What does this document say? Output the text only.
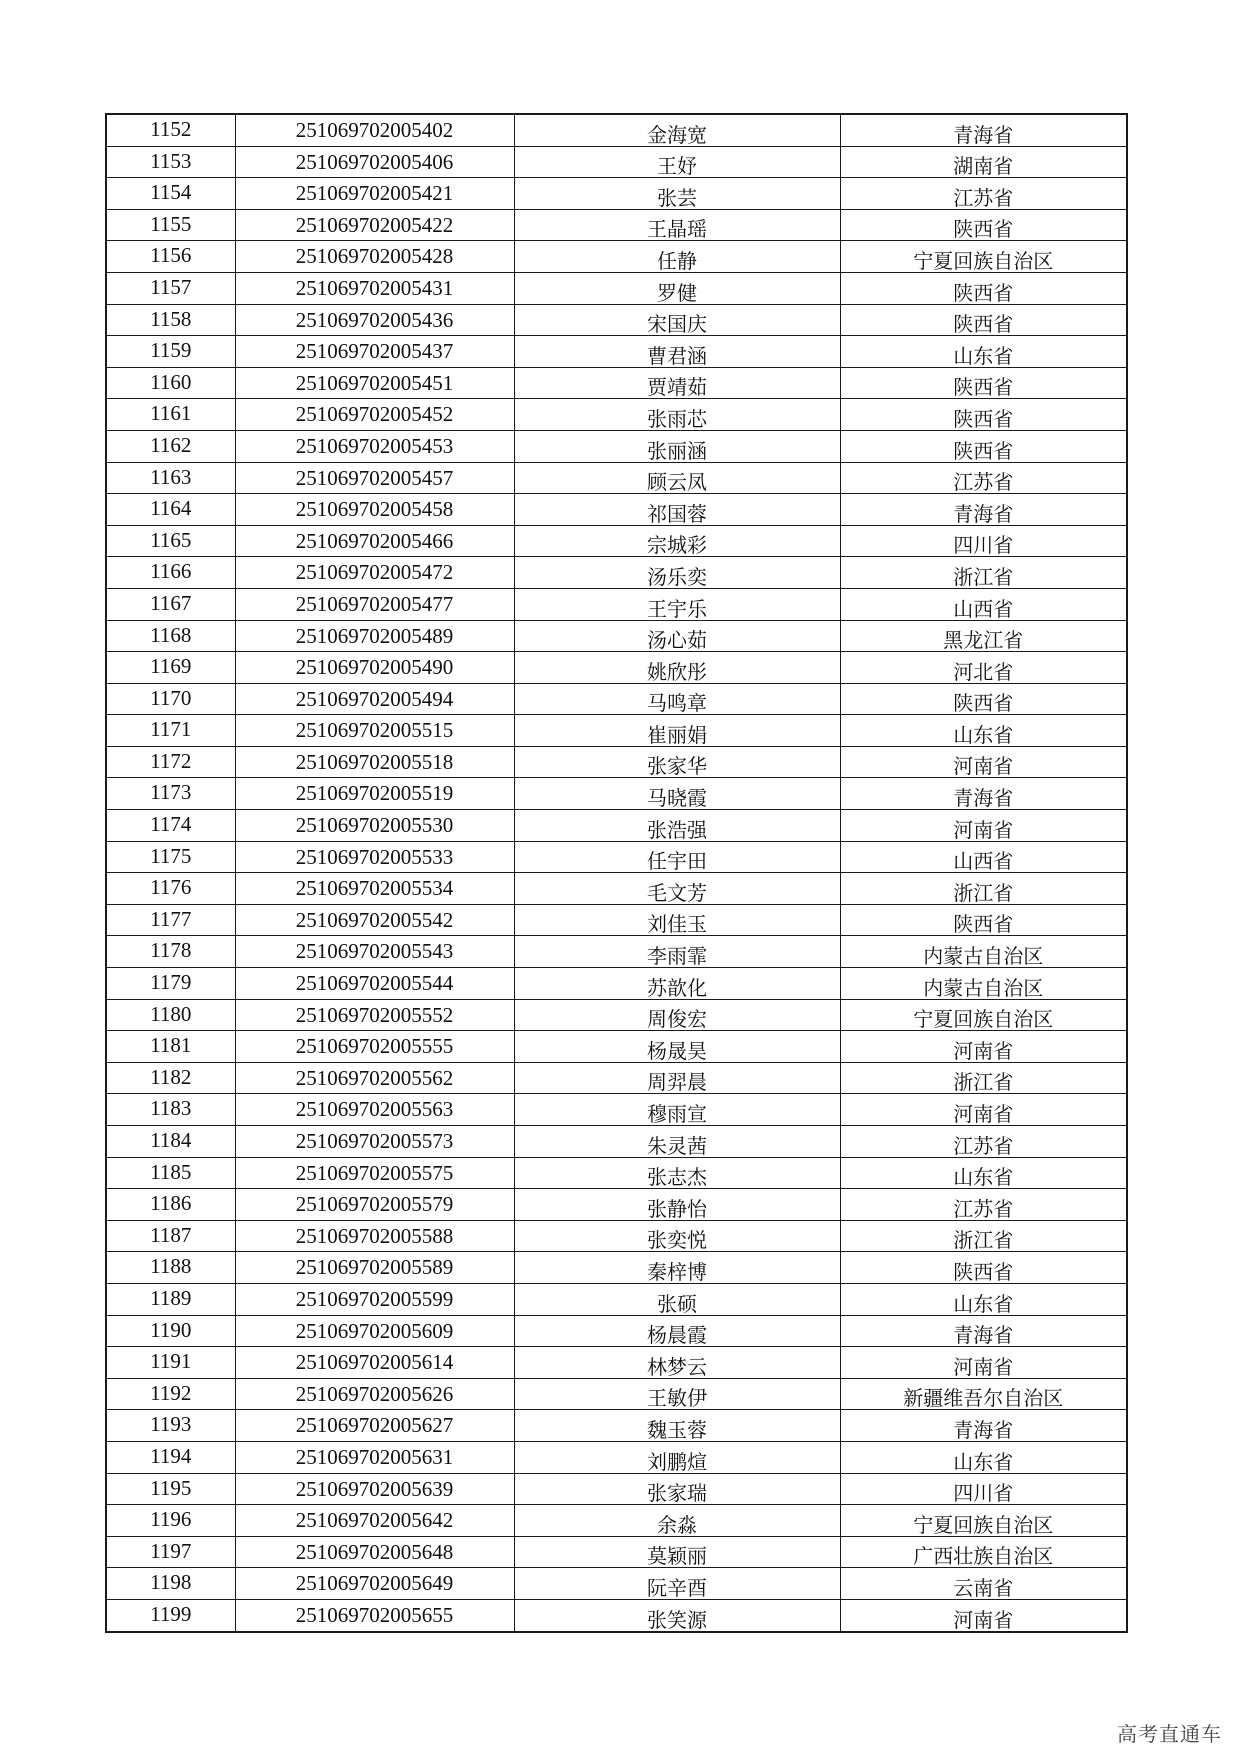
1152	251069702005402	金海宽	青海省
1153	251069702005406	王妤	湖南省
1154	251069702005421	张芸	江苏省
1155	251069702005422	王晶瑶	陕西省
1156	251069702005428	任静	宁夏回族自治区
1157	251069702005431	罗健	陕西省
1158	251069702005436	宋国庆	陕西省
1159	251069702005437	曹君涵	山东省
1160	251069702005451	贾靖茹	陕西省
1161	251069702005452	张雨芯	陕西省
1162	251069702005453	张丽涵	陕西省
1163	251069702005457	顾云凤	江苏省
1164	251069702005458	祁国蓉	青海省
1165	251069702005466	宗城彩	四川省
1166	251069702005472	汤乐奕	浙江省
1167	251069702005477	王宇乐	山西省
1168	251069702005489	汤心茹	黑龙江省
1169	251069702005490	姚欣彤	河北省
1170	251069702005494	马鸣章	陕西省
1171	251069702005515	崔丽娟	山东省
1172	251069702005518	张家华	河南省
1173	251069702005519	马晓霞	青海省
1174	251069702005530	张浩强	河南省
1175	251069702005533	任宇田	山西省
1176	251069702005534	毛文芳	浙江省
1177	251069702005542	刘佳玉	陕西省
1178	251069702005543	李雨霏	内蒙古自治区
1179	251069702005544	苏歆化	内蒙古自治区
1180	251069702005552	周俊宏	宁夏回族自治区
1181	251069702005555	杨晟昊	河南省
1182	251069702005562	周羿晨	浙江省
1183	251069702005563	穆雨宣	河南省
1184	251069702005573	朱灵茜	江苏省
1185	251069702005575	张志杰	山东省
1186	251069702005579	张静怡	江苏省
1187	251069702005588	张奕悦	浙江省
1188	251069702005589	秦梓博	陕西省
1189	251069702005599	张硕	山东省
1190	251069702005609	杨晨霞	青海省
1191	251069702005614	林梦云	河南省
1192	251069702005626	王敏伊	新疆维吾尔自治区
1193	251069702005627	魏玉蓉	青海省
1194	251069702005631	刘鹏煊	山东省
1195	251069702005639	张家瑞	四川省
1196	251069702005642	余淼	宁夏回族自治区
1197	251069702005648	莫颖丽	广西壮族自治区
1198	251069702005649	阮辛酉	云南省
1199	251069702005655	张笑源	河南省
高考直通车
